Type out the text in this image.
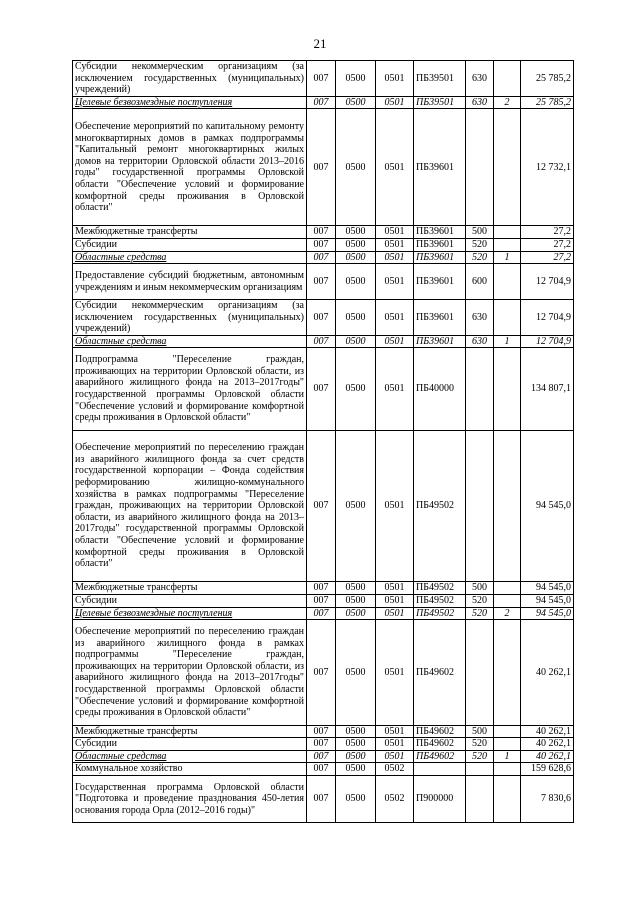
21
Субсидии некоммерческим организациям (за исключением государственных (муниципальных) учреждений)	007	0500	0501	ПБ39501	630		25 785,2
Целевые безвозмездные поступления	007	0500	0501	ПБ39501	630	2	25 785,2
Обеспечение мероприятий по капитальному ремонту многоквартирных домов в рамках подпрограммы "Капитальный ремонт многоквартирных жилых домов на территории Орловской области 2013–2016 годы" государственной программы Орловской области "Обеспечение условий и формирование комфортной среды проживания в Орловской области"	007	0500	0501	ПБ39601			12 732,1
Межбюджетные трансферты	007	0500	0501	ПБ39601	500		27,2
Субсидии	007	0500	0501	ПБ39601	520		27,2
Областные средства	007	0500	0501	ПБ39601	520	1	27,2
Предоставление субсидий бюджетным, автономным учреждениям и иным некоммерческим организациям	007	0500	0501	ПБ39601	600		12 704,9
Субсидии некоммерческим организациям (за исключением государственных (муниципальных) учреждений)	007	0500	0501	ПБ39601	630		12 704,9
Областные средства	007	0500	0501	ПБ39601	630	1	12 704,9
Подпрограмма "Переселение граждан, проживающих на территории Орловской области, из аварийного жилищного фонда на 2013–2017годы" государственной программы Орловской области "Обеспечение условий и формирование комфортной среды проживания в Орловской области"	007	0500	0501	ПБ40000			134 807,1
Обеспечение мероприятий по переселению граждан из аварийного жилищного фонда за счет средств государственной корпорации – Фонда содействия реформированию жилищно-коммунального хозяйства в рамках подпрограммы "Переселение граждан, проживающих на территории Орловской области, из аварийного жилищного фонда на 2013–2017годы" государственной программы Орловской области "Обеспечение условий и формирование комфортной среды проживания в Орловской области"	007	0500	0501	ПБ49502			94 545,0
Межбюджетные трансферты	007	0500	0501	ПБ49502	500		94 545,0
Субсидии	007	0500	0501	ПБ49502	520		94 545,0
Целевые безвозмездные поступления	007	0500	0501	ПБ49502	520	2	94 545,0
Обеспечение мероприятий по переселению граждан из аварийного жилищного фонда в рамках подпрограммы "Переселение граждан, проживающих на территории Орловской области, из аварийного жилищного фонда на 2013–2017годы" государственной программы Орловской области "Обеспечение условий и формирование комфортной среды проживания в Орловской области"	007	0500	0501	ПБ49602			40 262,1
Межбюджетные трансферты	007	0500	0501	ПБ49602	500		40 262,1
Субсидии	007	0500	0501	ПБ49602	520		40 262,1
Областные средства	007	0500	0501	ПБ49602	520	1	40 262,1
Коммунальное хозяйство	007	0500	0502				159 628,6
Государственная программа Орловской области "Подготовка и проведение празднования 450-летия основания города Орла (2012–2016 годы)"	007	0500	0502	П900000			7 830,6
